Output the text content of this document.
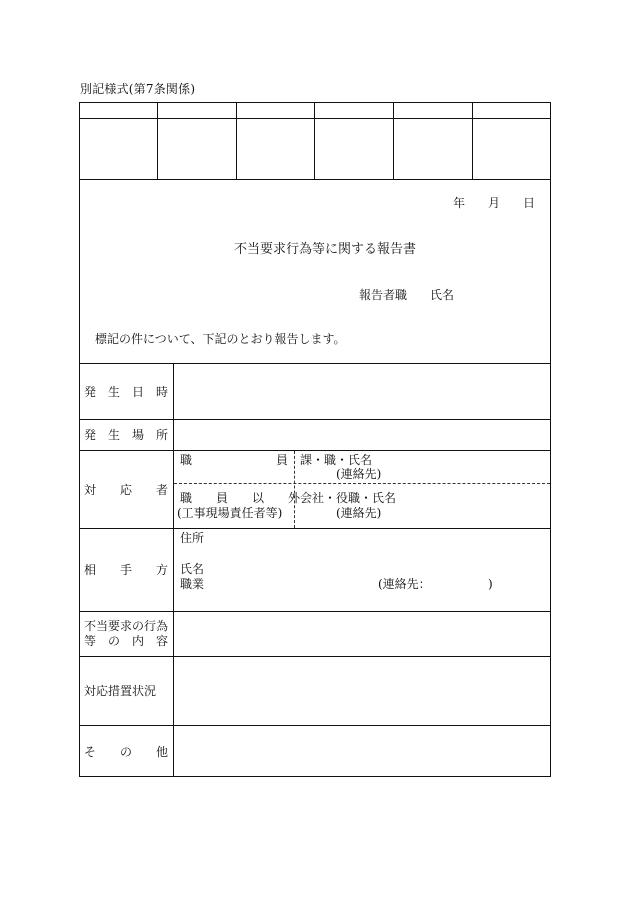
別記様式(第7条関係)
年 月 日
不当要求行為等に関する報告書
報告者職 氏名
標記の件について、下記のとおり報告します。
発　生　日　時
発　生　場　所
対　　応　　者
相　　手　　方
不当要求の行為
等　の　内　容
対応措置状況
そ　　の　　他
職　　　　　　　員 課・職・氏名
(連絡先)
職　　員　　以　　外
(工事現場責任者等)
会社・役職・氏名
(連絡先)
住所
氏名
職業	(連絡先：	)
